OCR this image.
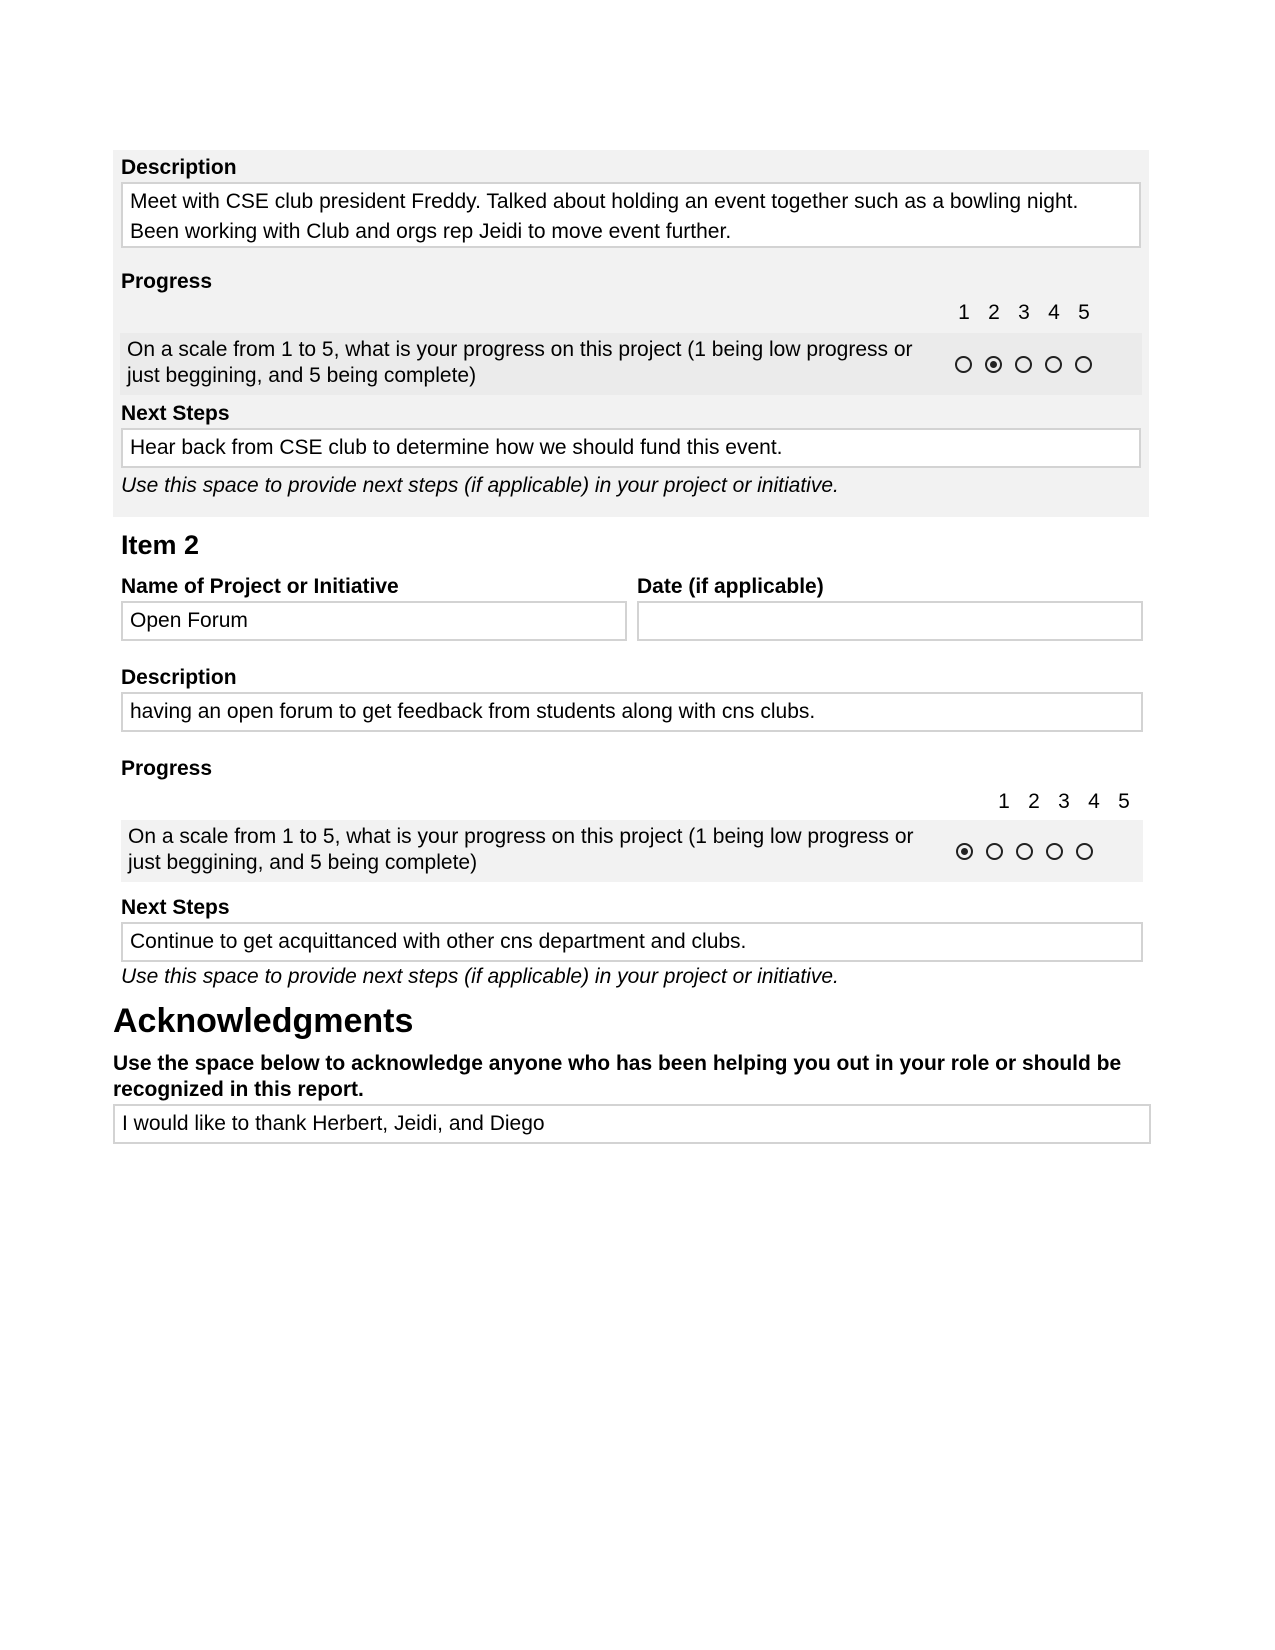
Description
Meet with CSE club president Freddy. Talked about holding an event together such as a bowling night. Been working with Club and orgs rep Jeidi to move event further.
Progress
1 2 3 4 5
On a scale from 1 to 5, what is your progress on this project (1 being low progress or just beggining, and 5 being complete)
Next Steps
Hear back from CSE club to determine how we should fund this event.
Use this space to provide next steps (if applicable) in your project or initiative.
Item 2
Name of Project or Initiative
Open Forum
Date (if applicable)
Description
having an open forum to get feedback from students along with cns clubs.
Progress
1 2 3 4 5
On a scale from 1 to 5, what is your progress on this project (1 being low progress or just beggining, and 5 being complete)
Next Steps
Continue to get acquittanced with other cns department and clubs.
Use this space to provide next steps (if applicable) in your project or initiative.
Acknowledgments
Use the space below to acknowledge anyone who has been helping you out in your role or should be recognized in this report.
I would like to thank Herbert, Jeidi, and Diego
